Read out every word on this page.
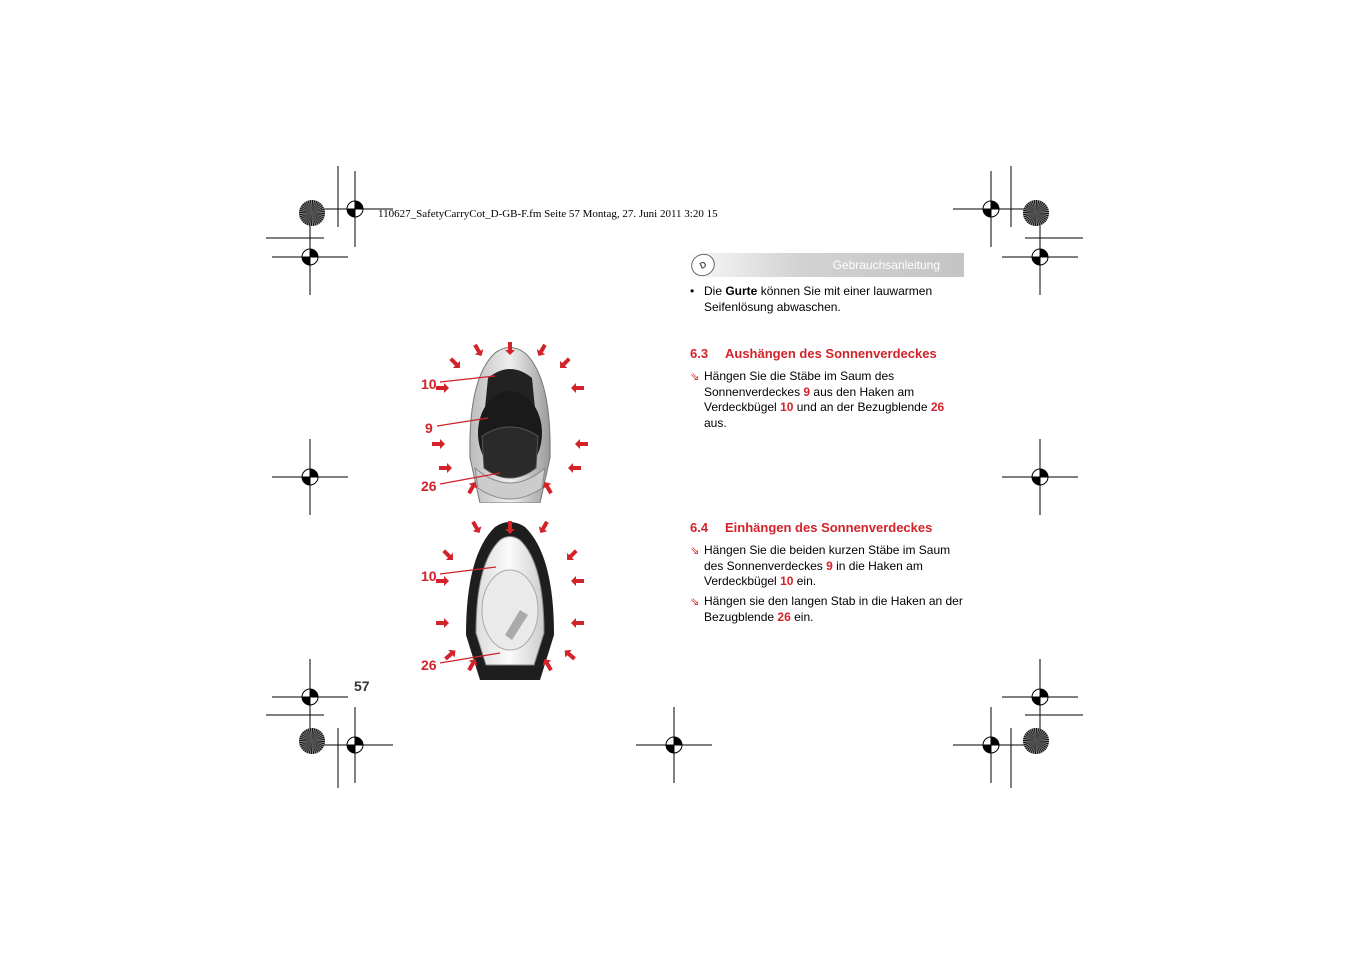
110627_SafetyCarryCot_D-GB-F.fm Seite 57 Montag, 27. Juni 2011 3:20 15
D	Gebrauchsanleitung
• Die Gurte können Sie mit einer lauwarmen Seifenlösung abwaschen.
6.3 Aushängen des Sonnenverdeckes
⇘ Hängen Sie die Stäbe im Saum des Sonnenverdeckes 9 aus den Haken am Verdeckbügel 10 und an der Bezugblende 26 aus.
6.4 Einhängen des Sonnenverdeckes
⇘ Hängen Sie die beiden kurzen Stäbe im Saum des Sonnenverdeckes 9 in die Haken am Verdeckbügel 10 ein.
⇘ Hängen sie den langen Stab in die Haken an der Bezugblende 26 ein.
10
9
26
10
26
57
